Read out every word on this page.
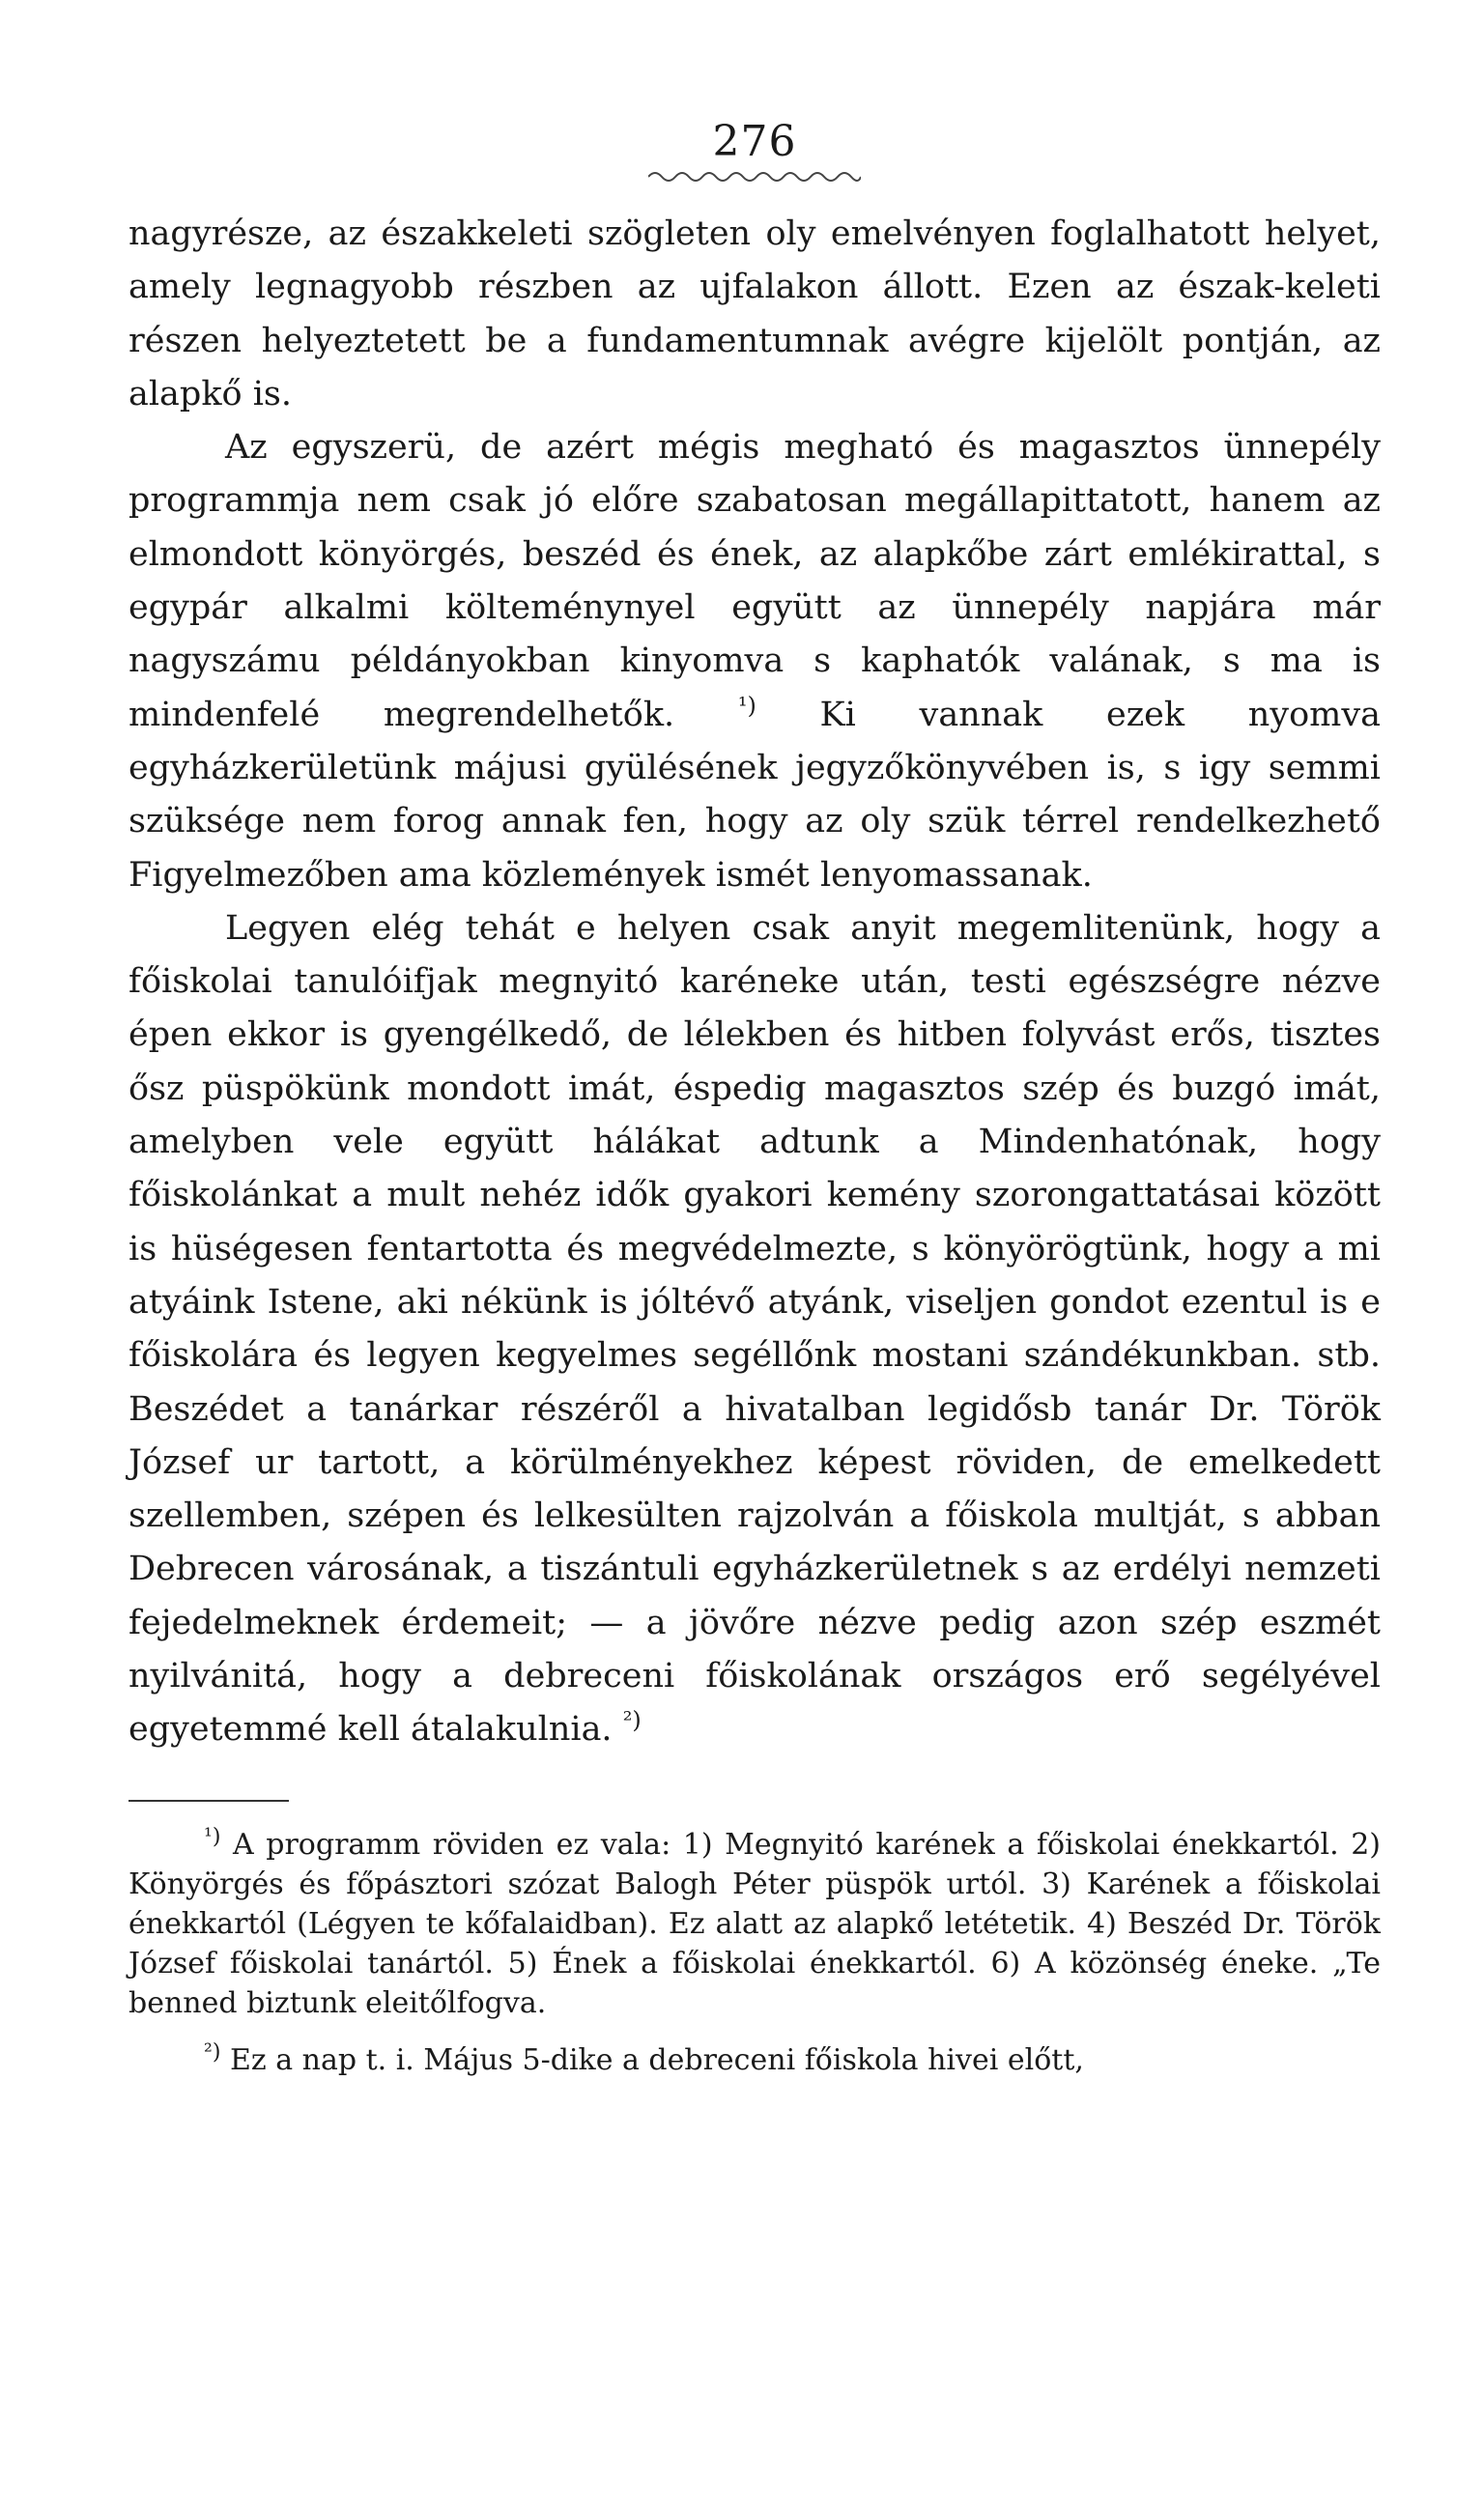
276

nagyrésze, az északkeleti szögleten oly emelvényen foglalhatott helyet, amely legnagyobb részben az ujfalakon állott. Ezen az észak-keleti részen helyeztetett be a fundamentumnak avégre kijelölt pontján, az alapkő is.

Az egyszerü, de azért mégis megható és magasztos ünnepély programmja nem csak jó előre szabatosan megállapittatott, hanem az elmondott könyörgés, beszéd és ének, az alapkőbe zárt emlékirattal, s egypár alkalmi költeménynyel együtt az ünnepély napjára már nagyszámu példányokban kinyomva s kaphatók valának, s ma is mindenfelé megrendelhetők.	$^{^1)}$ Ki vannak ezek nyomva egyházkerületünk májusi gyülésének jegyzőkönyvében is, s igy semmi szüksége nem forog annak fen, hogy az oly szük térrel rendelkezhető Figyelmezőben ama közlemények ismét lenyomassanak.

Legyen elég tehát e helyen csak anyit megemlitenünk, hogy a főiskolai tanulóifjak megnyitó karéneke után, testi egészségre nézve épen ekkor is gyengélkedő, de lélekben és hitben folyvást erős, tisztes ősz püspökünk mondott imát, éspedig magasztos szép és buzgó imát, amelyben vele együtt hálákat adtunk a Mindenhatónak, hogy főiskolánkat a mult nehéz idők gyakori kemény szorongattatásai között is hüségesen fentartotta és megvédelmezte, s könyörögtünk, hogy a mi atyáink Istene, aki nékünk is jóltévő atyánk, viseljen gondot ezentul is e főiskolára és legyen kegyelmes segéllőnk mostani szándékunkban. stb. Beszédet a tanárkar részéről a hivatalban legidősb tanár Dr. Török József ur tartott, a körülményekhez képest röviden, de emelkedett szellemben, szépen és lelkesülten rajzolván a főiskola multját, s abban Debrecen városának, a tiszántuli egyházkerületnek s az erdélyi nemzeti fejedelmeknek érdemeit; — a jövőre nézve pedig azon szép eszmét nyilvánitá, hogy a debreceni főiskolának országos erő segélyével egyetemmé kell átalakulnia. $^{^2)}$

$^{^1)}$ A programm röviden ez vala: 1) Megnyitó karének a főiskolai énekkartól. 2) Könyörgés és főpásztori szózat Balogh Péter püspök urtól. 3) Karének a főiskolai énekkartól (Légyen te kőfalaidban). Ez alatt az alapkő letétetik. 4) Beszéd Dr. Török József főiskolai tanártól. 5) Ének a főiskolai énekkartól. 6) A közönség éneke. „Te benned biztunk eleitőlfogva.

$^{^2)}$ Ez a nap t. i. Május 5-dike a debreceni főiskola hivei előtt,
